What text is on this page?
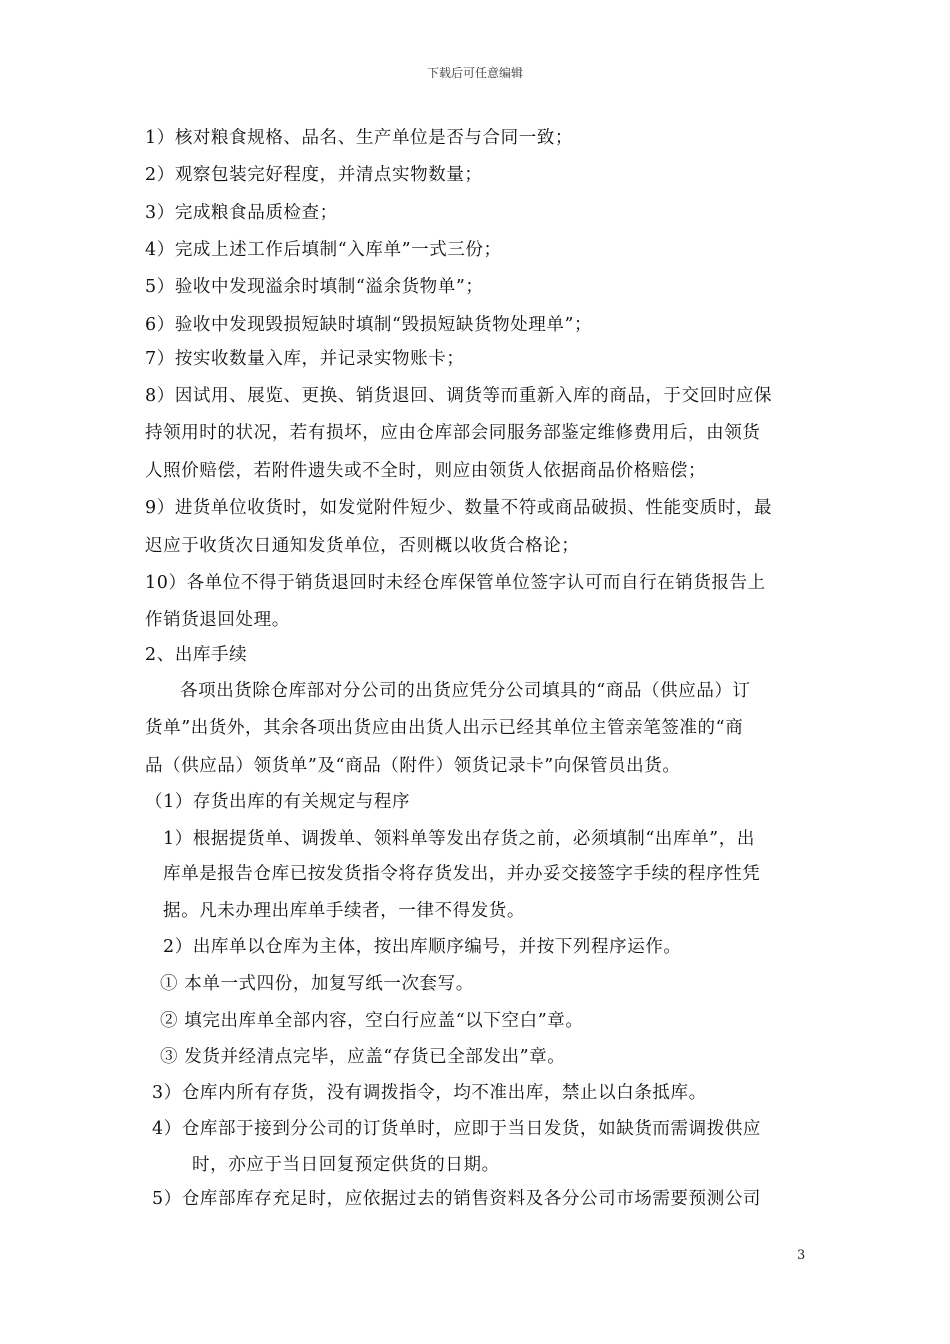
下载后可任意编辑
1）核对粮食规格、品名、生产单位是否与合同一致；
2）观察包装完好程度，并清点实物数量；
3）完成粮食品质检查；
4）完成上述工作后填制“入库单”一式三份；
5）验收中发现溢余时填制“溢余货物单”；
6）验收中发现毁损短缺时填制“毁损短缺货物处理单”；
7）按实收数量入库，并记录实物账卡；
8）因试用、展览、更换、销货退回、调货等而重新入库的商品，于交回时应保
持领用时的状况，若有损坏，应由仓库部会同服务部鉴定维修费用后，由领货
人照价赔偿，若附件遗失或不全时，则应由领货人依据商品价格赔偿；
9）进货单位收货时，如发觉附件短少、数量不符或商品破损、性能变质时，最
迟应于收货次日通知发货单位，否则概以收货合格论；
10）各单位不得于销货退回时未经仓库保管单位签字认可而自行在销货报告上
作销货退回处理。
2、出库手续
各项出货除仓库部对分公司的出货应凭分公司填具的“商品（供应品）订
货单”出货外，其余各项出货应由出货人出示已经其单位主管亲笔签准的“商
品（供应品）领货单”及“商品（附件）领货记录卡”向保管员出货。
（1）存货出库的有关规定与程序
1）根据提货单、调拨单、领料单等发出存货之前，必须填制“出库单”，出
库单是报告仓库已按发货指令将存货发出，并办妥交接签字手续的程序性凭
据。凡未办理出库单手续者，一律不得发货。
2）出库单以仓库为主体，按出库顺序编号，并按下列程序运作。
① 本单一式四份，加复写纸一次套写。
② 填完出库单全部内容，空白行应盖“以下空白”章。
③ 发货并经清点完毕，应盖“存货已全部发出”章。
3）仓库内所有存货，没有调拨指令，均不准出库，禁止以白条抵库。
4）仓库部于接到分公司的订货单时，应即于当日发货，如缺货而需调拨供应
时，亦应于当日回复预定供货的日期。
5）仓库部库存充足时，应依据过去的销售资料及各分公司市场需要预测公司
3
